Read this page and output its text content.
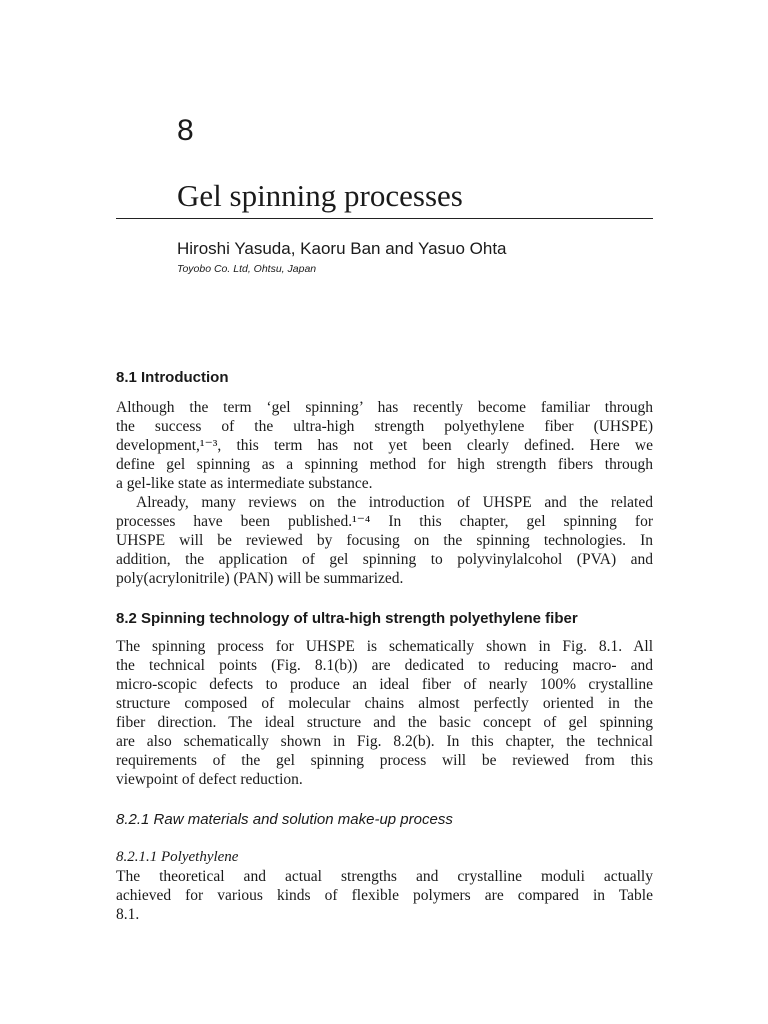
8
Gel spinning processes
Hiroshi Yasuda, Kaoru Ban and Yasuo Ohta
Toyobo Co. Ltd, Ohtsu, Japan
8.1 Introduction
Although the term ‘gel spinning’ has recently become familiar through
the success of the ultra-high strength polyethylene fiber (UHSPE)
development,¹⁻³, this term has not yet been clearly defined. Here we
define gel spinning as a spinning method for high strength fibers through
a gel-like state as intermediate substance.
Already, many reviews on the introduction of UHSPE and the related
processes have been published.¹⁻⁴ In this chapter, gel spinning for
UHSPE will be reviewed by focusing on the spinning technologies. In
addition, the application of gel spinning to polyvinylalcohol (PVA) and
poly(acrylonitrile) (PAN) will be summarized.
8.2 Spinning technology of ultra-high strength polyethylene fiber
The spinning process for UHSPE is schematically shown in Fig. 8.1. All
the technical points (Fig. 8.1(b)) are dedicated to reducing macro- and
micro-scopic defects to produce an ideal fiber of nearly 100% crystalline
structure composed of molecular chains almost perfectly oriented in the
fiber direction. The ideal structure and the basic concept of gel spinning
are also schematically shown in Fig. 8.2(b). In this chapter, the technical
requirements of the gel spinning process will be reviewed from this
viewpoint of defect reduction.
8.2.1 Raw materials and solution make-up process
8.2.1.1 Polyethylene
The theoretical and actual strengths and crystalline moduli actually
achieved for various kinds of flexible polymers are compared in Table
8.1.
